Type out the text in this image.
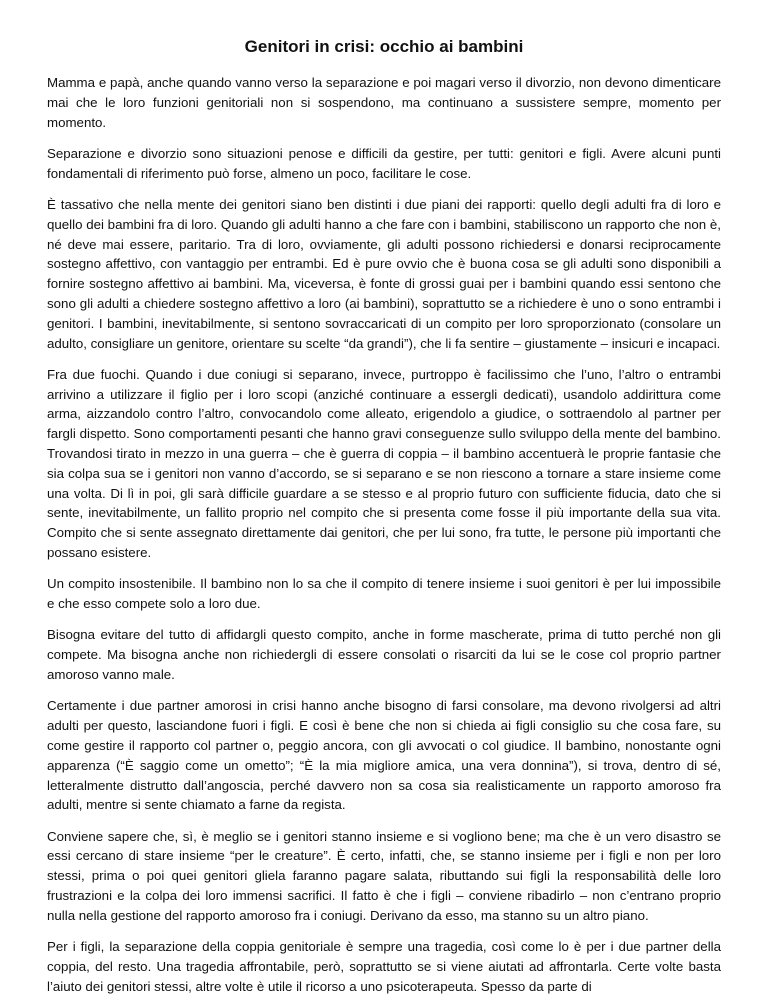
Genitori in crisi: occhio ai bambini

Mamma e papà, anche quando vanno verso la separazione e poi magari verso il divorzio, non devono dimenticare mai che le loro funzioni genitoriali non si sospendono, ma continuano a sussistere sempre, momento per momento.

Separazione e divorzio sono situazioni penose e difficili da gestire, per tutti: genitori e figli. Avere alcuni punti fondamentali di riferimento può forse, almeno un poco, facilitare le cose.

È tassativo che nella mente dei genitori siano ben distinti i due piani dei rapporti: quello degli adulti fra di loro e quello dei bambini fra di loro. Quando gli adulti hanno a che fare con i bambini, stabiliscono un rapporto che non è, né deve mai essere, paritario. Tra di loro, ovviamente, gli adulti possono richiedersi e donarsi reciprocamente sostegno affettivo, con vantaggio per entrambi. Ed è pure ovvio che è buona cosa se gli adulti sono disponibili a fornire sostegno affettivo ai bambini. Ma, viceversa, è fonte di grossi guai per i bambini quando essi sentono che sono gli adulti a chiedere sostegno affettivo a loro (ai bambini), soprattutto se a richiedere è uno o sono entrambi i genitori. I bambini, inevitabilmente, si sentono sovraccaricati di un compito per loro sproporzionato (consolare un adulto, consigliare un genitore, orientare su scelte “da grandi”), che li fa sentire – giustamente – insicuri e incapaci.

Fra due fuochi. Quando i due coniugi si separano, invece, purtroppo è facilissimo che l’uno, l’altro o entrambi arrivino a utilizzare il figlio per i loro scopi (anziché continuare a essergli dedicati), usandolo addirittura come arma, aizzandolo contro l’altro, convocandolo come alleato, erigendolo a giudice, o sottraendolo al partner per fargli dispetto. Sono comportamenti pesanti che hanno gravi conseguenze sullo sviluppo della mente del bambino. Trovandosi tirato in mezzo in una guerra – che è guerra di coppia – il bambino accentuerà le proprie fantasie che sia colpa sua se i genitori non vanno d’accordo, se si separano e se non riescono a tornare a stare insieme come una volta. Di lì in poi, gli sarà difficile guardare a se stesso e al proprio futuro con sufficiente fiducia, dato che si sente, inevitabilmente, un fallito proprio nel compito che si presenta come fosse il più importante della sua vita. Compito che si sente assegnato direttamente dai genitori, che per lui sono, fra tutte, le persone più importanti che possano esistere.

Un compito insostenibile. Il bambino non lo sa che il compito di tenere insieme i suoi genitori è per lui impossibile e che esso compete solo a loro due.

Bisogna evitare del tutto di affidargli questo compito, anche in forme mascherate, prima di tutto perché non gli compete. Ma bisogna anche non richiedergli di essere consolati o risarciti da lui se le cose col proprio partner amoroso vanno male.

Certamente i due partner amorosi in crisi hanno anche bisogno di farsi consolare, ma devono rivolgersi ad altri adulti per questo, lasciandone fuori i figli. E così è bene che non si chieda ai figli consiglio su che cosa fare, su come gestire il rapporto col partner o, peggio ancora, con gli avvocati o col giudice. Il bambino, nonostante ogni apparenza (“È saggio come un ometto”; “È la mia migliore amica, una vera donnina”), si trova, dentro di sé, letteralmente distrutto dall’angoscia, perché davvero non sa cosa sia realisticamente un rapporto amoroso fra adulti, mentre si sente chiamato a farne da regista.

Conviene sapere che, sì, è meglio se i genitori stanno insieme e si vogliono bene; ma che è un vero disastro se essi cercano di stare insieme “per le creature”. È certo, infatti, che, se stanno insieme per i figli e non per loro stessi, prima o poi quei genitori gliela faranno pagare salata, ributtando sui figli la responsabilità delle loro frustrazioni e la colpa dei loro immensi sacrifici. Il fatto è che i figli – conviene ribadirlo – non c’entrano proprio nulla nella gestione del rapporto amoroso fra i coniugi. Derivano da esso, ma stanno su un altro piano.

Per i figli, la separazione della coppia genitoriale è sempre una tragedia, così come lo è per i due partner della coppia, del resto. Una tragedia affrontabile, però, soprattutto se si viene aiutati ad affrontarla. Certe volte basta l’aiuto dei genitori stessi, altre volte è utile il ricorso a uno psicoterapeuta. Spesso da parte di
